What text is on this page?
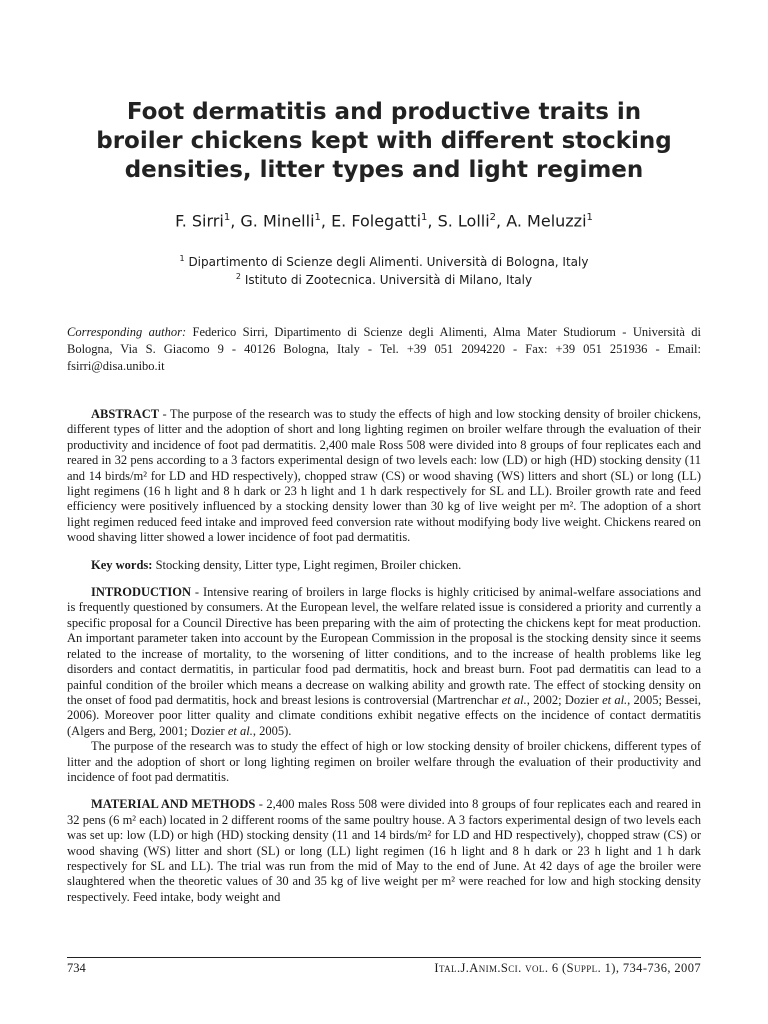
Foot dermatitis and productive traits in
broiler chickens kept with different stocking
densities, litter types and light regimen
F. Sirri$^1$, G. Minelli$^1$, E. Folegatti$^1$, S. Lolli$^2$, A. Meluzzi$^1$
$^1$ Dipartimento di Scienze degli Alimenti. Università di Bologna, Italy
$^2$ Istituto di Zootecnica. Università di Milano, Italy
Corresponding author: Federico Sirri, Dipartimento di Scienze degli Alimenti, Alma Mater Studiorum - Università di Bologna, Via S. Giacomo 9 - 40126 Bologna, Italy - Tel. +39 051 2094220 - Fax: +39 051 251936 - Email: fsirri@disa.unibo.it

ABSTRACT - The purpose of the research was to study the effects of high and low stocking density of broiler chickens, different types of litter and the adoption of short and long lighting regimen on broiler welfare through the evaluation of their productivity and incidence of foot pad dermatitis. 2,400 male Ross 508 were divided into 8 groups of four replicates each and reared in 32 pens according to a 3 factors experimental design of two levels each: low (LD) or high (HD) stocking density (11 and 14 birds/m² for LD and HD respectively), chopped straw (CS) or wood shaving (WS) litters and short (SL) or long (LL) light regimens (16 h light and 8 h dark or 23 h light and 1 h dark respectively for SL and LL). Broiler growth rate and feed efficiency were positively influenced by a stocking density lower than 30 kg of live weight per m². The adoption of a short light regimen reduced feed intake and improved feed conversion rate without modifying body live weight. Chickens reared on wood shaving litter showed a lower incidence of foot pad dermatitis.

Key words: Stocking density, Litter type, Light regimen, Broiler chicken.

INTRODUCTION - Intensive rearing of broilers in large flocks is highly criticised by animal-welfare associations and is frequently questioned by consumers. At the European level, the welfare related issue is considered a priority and currently a specific proposal for a Council Directive has been preparing with the aim of protecting the chickens kept for meat production. An important parameter taken into account by the European Commission in the proposal is the stocking density since it seems related to the increase of mortality, to the worsening of litter conditions, and to the increase of health problems like leg disorders and contact dermatitis, in particular food pad dermatitis, hock and breast burn. Foot pad dermatitis can lead to a painful condition of the broiler which means a decrease on walking ability and growth rate. The effect of stocking density on the onset of food pad dermatitis, hock and breast lesions is controversial (Martrenchar et al., 2002; Dozier et al., 2005; Bessei, 2006). Moreover poor litter quality and climate conditions exhibit negative effects on the incidence of contact dermatitis (Algers and Berg, 2001; Dozier et al., 2005).

The purpose of the research was to study the effect of high or low stocking density of broiler chickens, different types of litter and the adoption of short or long lighting regimen on broiler welfare through the evaluation of their productivity and incidence of foot pad dermatitis.

MATERIAL AND METHODS - 2,400 males Ross 508 were divided into 8 groups of four replicates each and reared in 32 pens (6 m² each) located in 2 different rooms of the same poultry house. A 3 factors experimental design of two levels each was set up: low (LD) or high (HD) stocking density (11 and 14 birds/m² for LD and HD respectively), chopped straw (CS) or wood shaving (WS) litter and short (SL) or long (LL) light regimen (16 h light and 8 h dark or 23 h light and 1 h dark respectively for SL and LL). The trial was run from the mid of May to the end of June. At 42 days of age the broiler were slaughtered when the theoretic values of 30 and 35 kg of live weight per m² were reached for low and high stocking density respectively. Feed intake, body weight and

734	Ital.J.Anim.Sci. vol. 6 (Suppl. 1), 734-736, 2007
